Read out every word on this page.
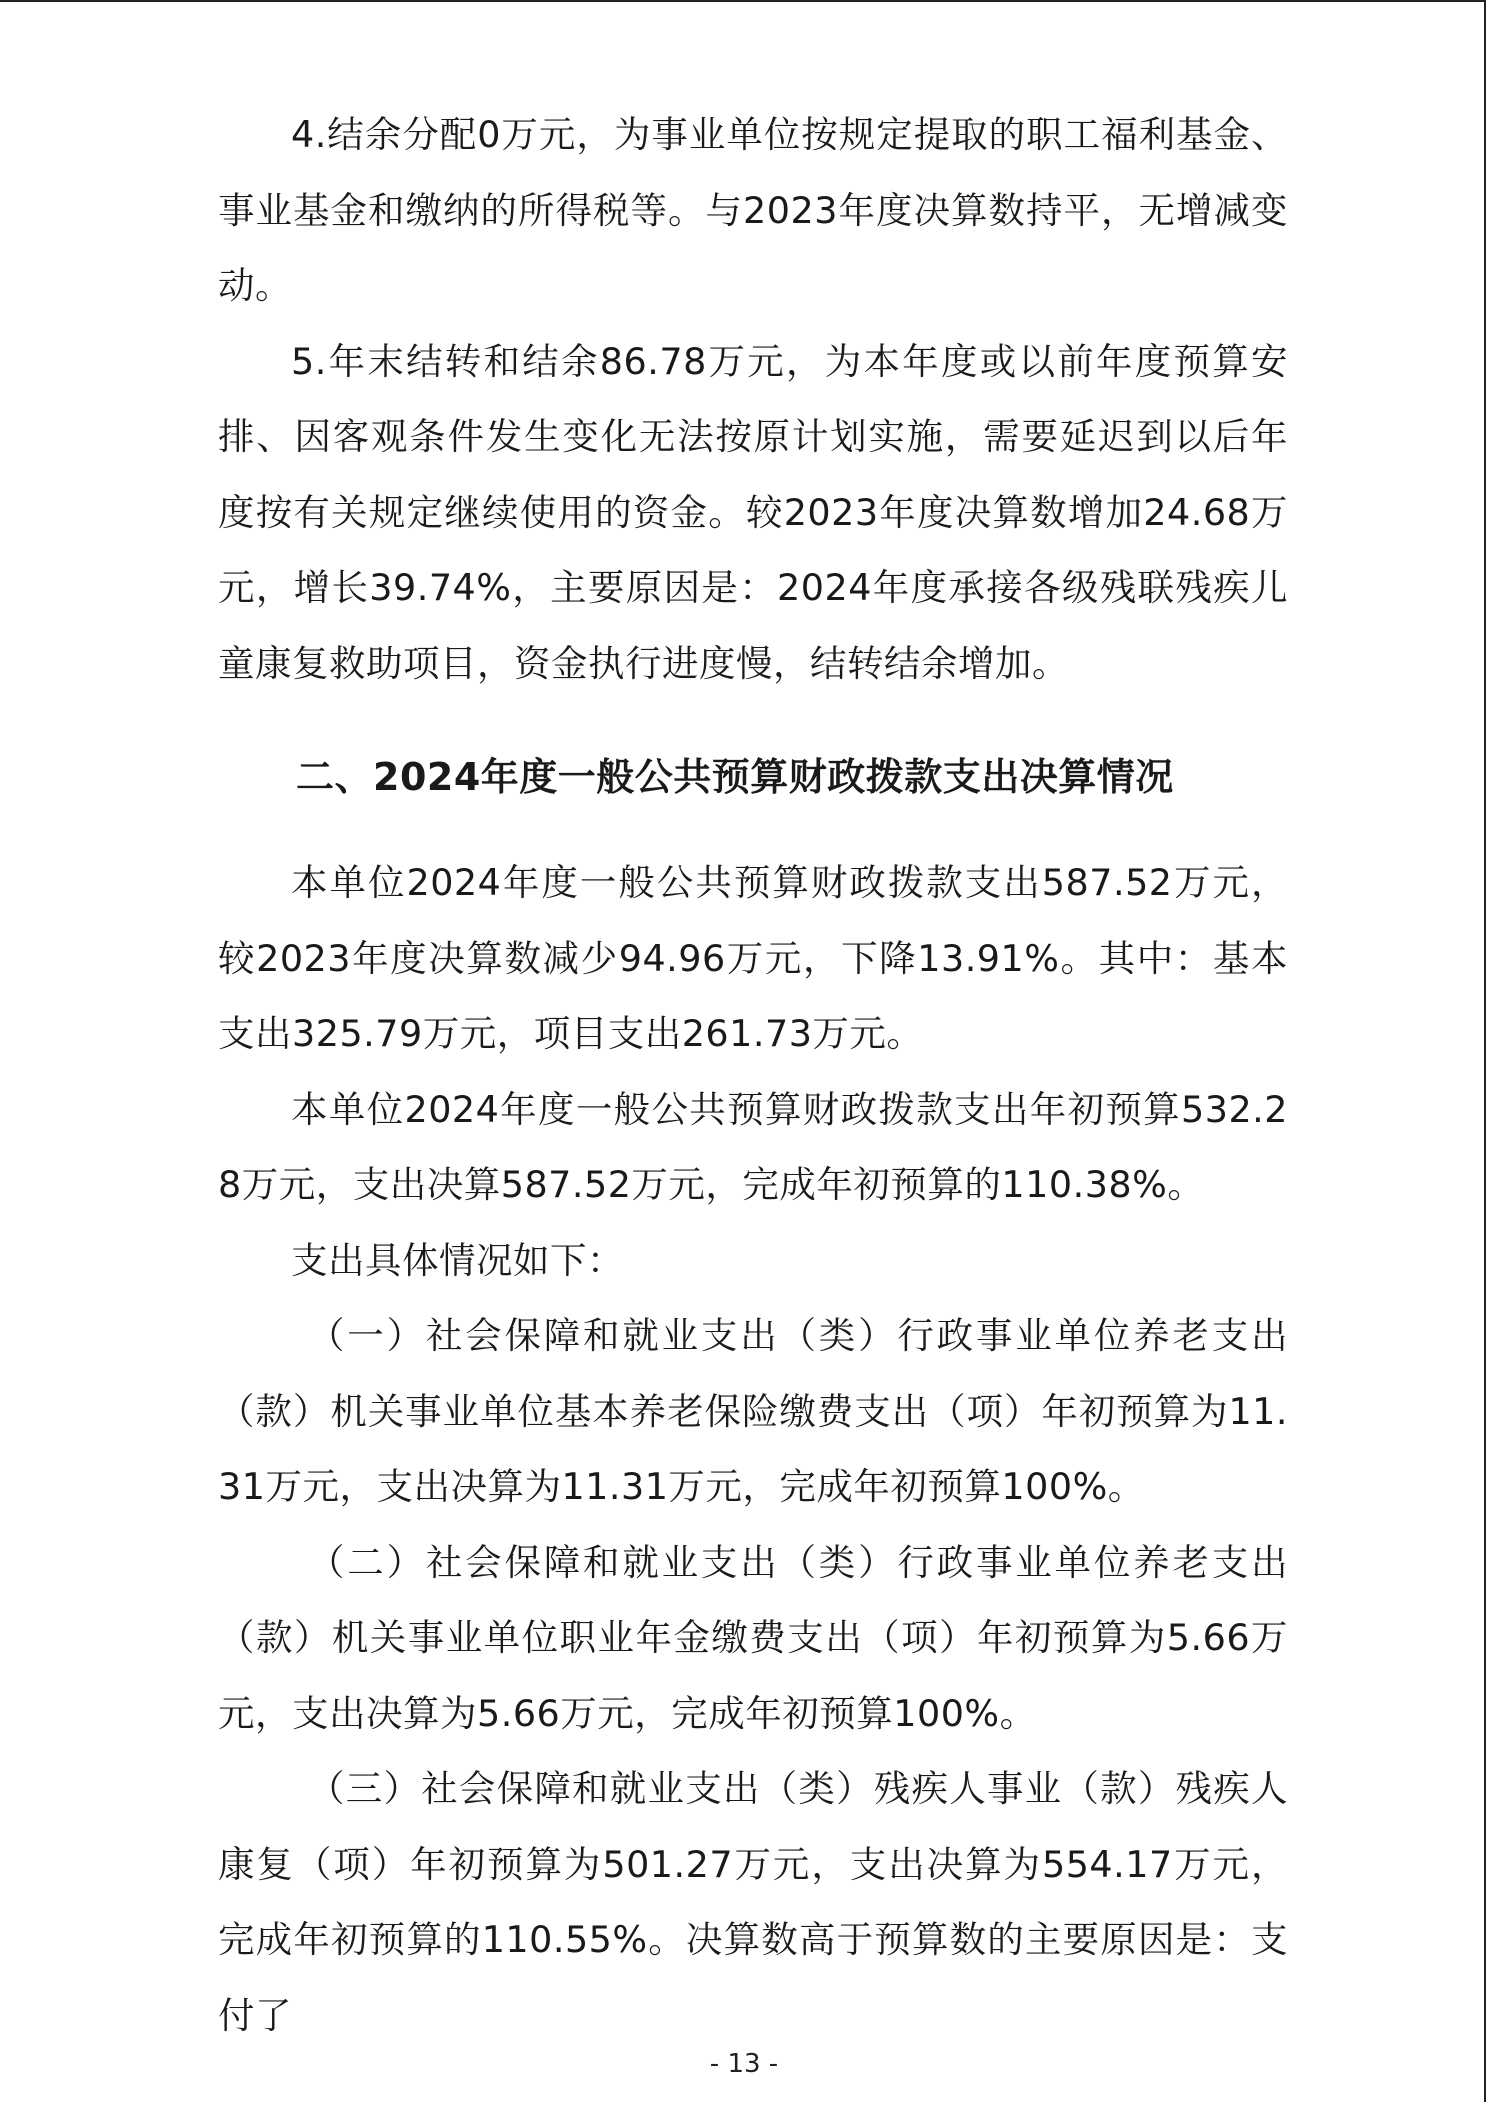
4.结余分配0万元，为事业单位按规定提取的职工福利基金、事业基金和缴纳的所得税等。与2023年度决算数持平，无增减变动。

5.年末结转和结余86.78万元，为本年度或以前年度预算安排、因客观条件发生变化无法按原计划实施，需要延迟到以后年度按有关规定继续使用的资金。较2023年度决算数增加24.68万元，增长39.74%，主要原因是：2024年度承接各级残联残疾儿童康复救助项目，资金执行进度慢，结转结余增加。

二、2024年度一般公共预算财政拨款支出决算情况

本单位2024年度一般公共预算财政拨款支出587.52万元，较2023年度决算数减少94.96万元，下降13.91%。其中：基本支出325.79万元，项目支出261.73万元。

本单位2024年度一般公共预算财政拨款支出年初预算532.28万元，支出决算587.52万元，完成年初预算的110.38%。

支出具体情况如下：

（一）社会保障和就业支出（类）行政事业单位养老支出（款）机关事业单位基本养老保险缴费支出（项）年初预算为11.31万元，支出决算为11.31万元，完成年初预算100%。

（二）社会保障和就业支出（类）行政事业单位养老支出（款）机关事业单位职业年金缴费支出（项）年初预算为5.66万元，支出决算为5.66万元，完成年初预算100%。

（三）社会保障和就业支出（类）残疾人事业（款）残疾人康复（项）年初预算为501.27万元，支出决算为554.17万元，完成年初预算的110.55%。决算数高于预算数的主要原因是：支付了

- 13 -
